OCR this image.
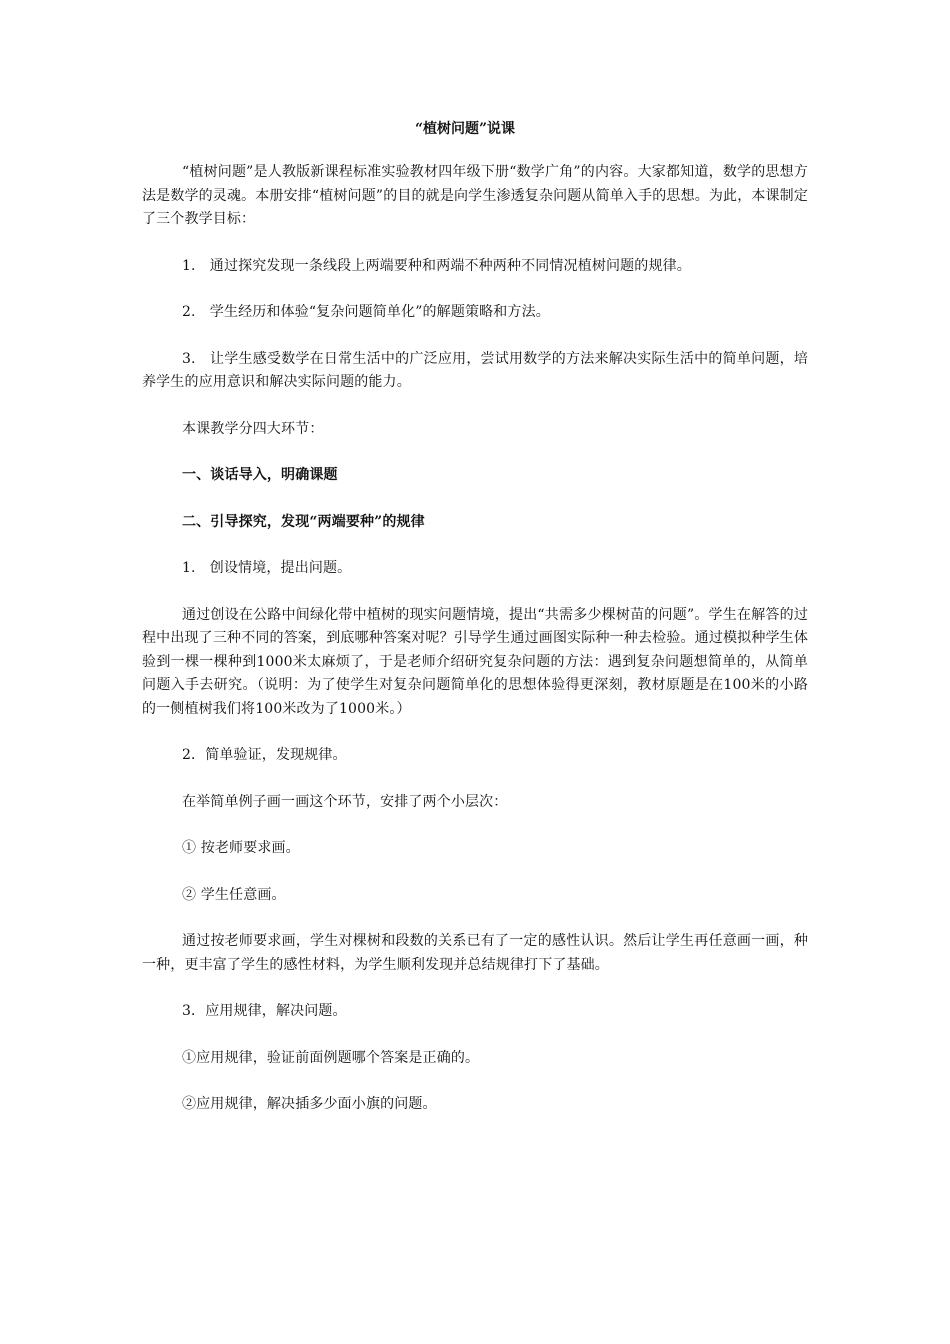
“植树问题”说课

“植树问题”是人教版新课程标准实验教材四年级下册“数学广角”的内容。大家都知道，数学的思想方法是数学的灵魂。本册安排“植树问题”的目的就是向学生渗透复杂问题从简单入手的思想。为此，本课制定了三个教学目标：

1.　通过探究发现一条线段上两端要种和两端不种两种不同情况植树问题的规律。

2.　学生经历和体验“复杂问题简单化”的解题策略和方法。

3.　让学生感受数学在日常生活中的广泛应用，尝试用数学的方法来解决实际生活中的简单问题，培养学生的应用意识和解决实际问题的能力。

本课教学分四大环节：

一、谈话导入，明确课题

二、引导探究，发现“两端要种”的规律

1.　创设情境，提出问题。

通过创设在公路中间绿化带中植树的现实问题情境，提出“共需多少棵树苗的问题”。学生在解答的过程中出现了三种不同的答案，到底哪种答案对呢？引导学生通过画图实际种一种去检验。通过模拟种学生体验到一棵一棵种到1000米太麻烦了，于是老师介绍研究复杂问题的方法：遇到复杂问题想简单的，从简单问题入手去研究。（说明：为了使学生对复杂问题简单化的思想体验得更深刻，教材原题是在100米的小路的一侧植树我们将100米改为了1000米。）

2．简单验证，发现规律。

在举简单例子画一画这个环节，安排了两个小层次：

① 按老师要求画。

② 学生任意画。

通过按老师要求画，学生对棵树和段数的关系已有了一定的感性认识。然后让学生再任意画一画，种一种，更丰富了学生的感性材料，为学生顺利发现并总结规律打下了基础。

3．应用规律，解决问题。

①应用规律，验证前面例题哪个答案是正确的。

②应用规律，解决插多少面小旗的问题。
